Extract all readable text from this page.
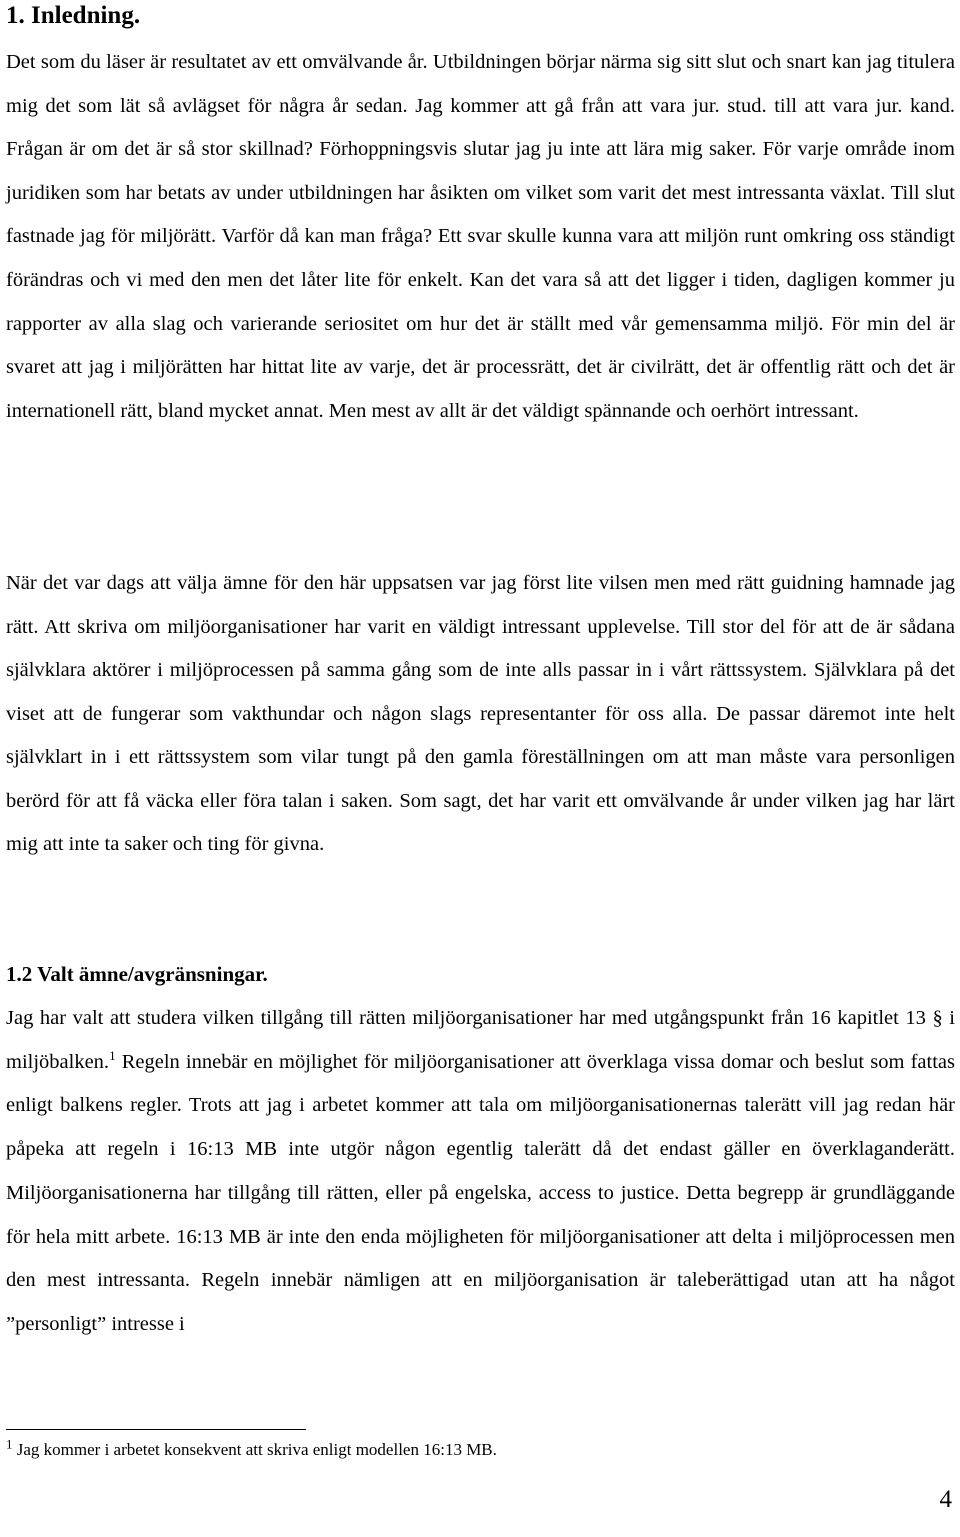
1. Inledning.

Det som du läser är resultatet av ett omvälvande år. Utbildningen börjar närma sig sitt slut och snart kan jag titulera mig det som lät så avlägset för några år sedan. Jag kommer att gå från att vara jur. stud. till att vara jur. kand. Frågan är om det är så stor skillnad? Förhoppningsvis slutar jag ju inte att lära mig saker. För varje område inom juridiken som har betats av under utbildningen har åsikten om vilket som varit det mest intressanta växlat. Till slut fastnade jag för miljörätt. Varför då kan man fråga? Ett svar skulle kunna vara att miljön runt omkring oss ständigt förändras och vi med den men det låter lite för enkelt. Kan det vara så att det ligger i tiden, dagligen kommer ju rapporter av alla slag och varierande seriositet om hur det är ställt med vår gemensamma miljö. För min del är svaret att jag i miljörätten har hittat lite av varje, det är processrätt, det är civilrätt, det är offentlig rätt och det är internationell rätt, bland mycket annat. Men mest av allt är det väldigt spännande och oerhört intressant.

När det var dags att välja ämne för den här uppsatsen var jag först lite vilsen men med rätt guidning hamnade jag rätt. Att skriva om miljöorganisationer har varit en väldigt intressant upplevelse. Till stor del för att de är sådana självklara aktörer i miljöprocessen på samma gång som de inte alls passar in i vårt rättssystem. Självklara på det viset att de fungerar som vakthundar och någon slags representanter för oss alla. De passar däremot inte helt självklart in i ett rättssystem som vilar tungt på den gamla föreställningen om att man måste vara personligen berörd för att få väcka eller föra talan i saken. Som sagt, det har varit ett omvälvande år under vilken jag har lärt mig att inte ta saker och ting för givna.

1.2 Valt ämne/avgränsningar.

Jag har valt att studera vilken tillgång till rätten miljöorganisationer har med utgångspunkt från 16 kapitlet 13 § i miljöbalken.$^1$ Regeln innebär en möjlighet för miljöorganisationer att överklaga vissa domar och beslut som fattas enligt balkens regler. Trots att jag i arbetet kommer att tala om miljöorganisationernas talerätt vill jag redan här påpeka att regeln i 16:13 MB inte utgör någon egentlig talerätt då det endast gäller en överklaganderätt. Miljöorganisationerna har tillgång till rätten, eller på engelska, access to justice. Detta begrepp är grundläggande för hela mitt arbete. 16:13 MB är inte den enda möjligheten för miljöorganisationer att delta i miljöprocessen men den mest intressanta. Regeln innebär nämligen att en miljöorganisation är taleberättigad utan att ha något ”personligt” intresse i

$^1$ Jag kommer i arbetet konsekvent att skriva enligt modellen 16:13 MB.

4
